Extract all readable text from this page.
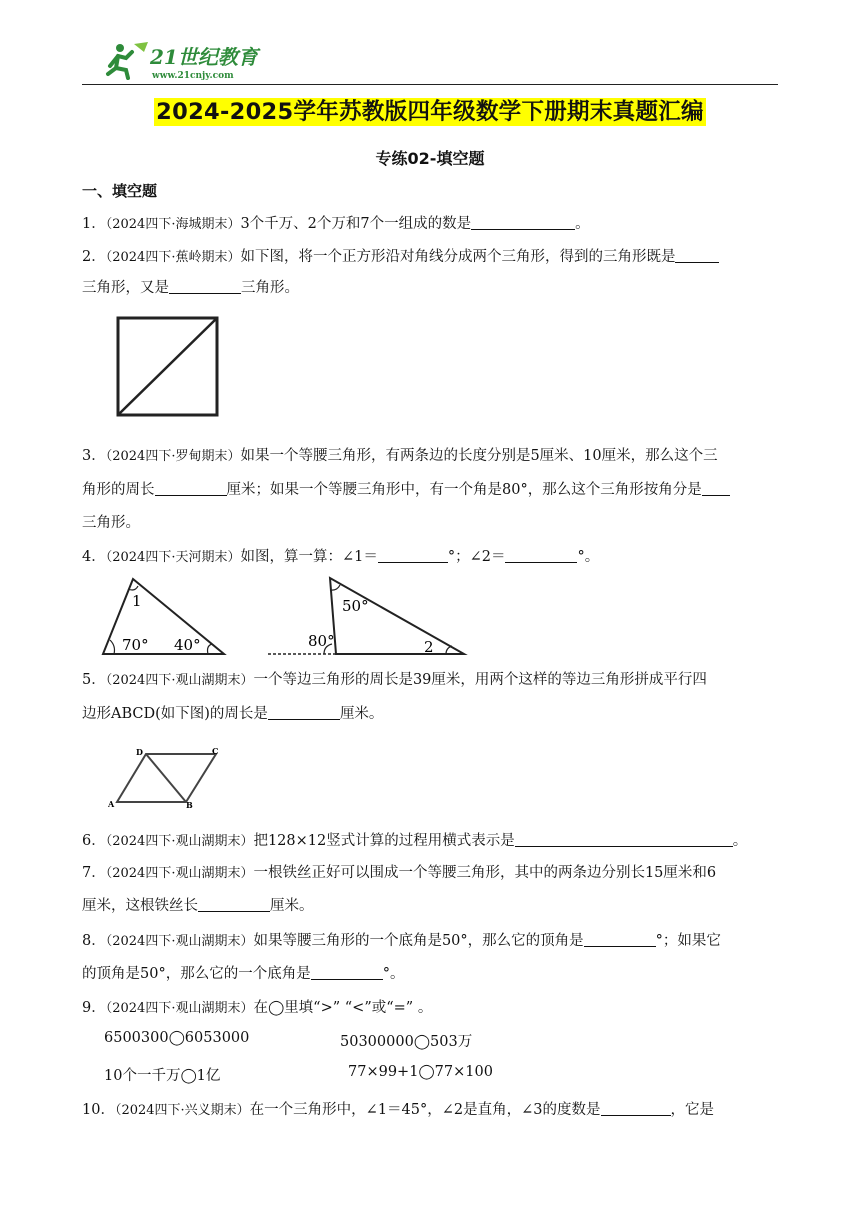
21世纪教育
www.21cnjy.com
2024-2025学年苏教版四年级数学下册期末真题汇编
专练02-填空题
一、填空题
1．（2024四下·海城期末）3个千万、2个万和7个一组成的数是	。
2．（2024四下·蕉岭期末）如下图，将一个正方形沿对角线分成两个三角形，得到的三角形既是
三角形，又是	三角形。
3．（2024四下·罗甸期末）如果一个等腰三角形，有两条边的长度分别是5厘米、10厘米，那么这个三
角形的周长	厘米；如果一个等腰三角形中，有一个角是80°，那么这个三角形按角分是
三角形。
4．（2024四下·天河期末）如图，算一算：∠1＝	°；∠2＝	°。
1
70° 40°
50°
80°	2
5．（2024四下·观山湖期末）一个等边三角形的周长是39厘米，用两个这样的等边三角形拼成平行四
边形ABCD(如下图)的周长是	厘米。
A	B
C
D
6．（2024四下·观山湖期末）把128×12竖式计算的过程用横式表示是	。
7．（2024四下·观山湖期末）一根铁丝正好可以围成一个等腰三角形，其中的两条边分别长15厘米和6
厘米，这根铁丝长	厘米。
8．（2024四下·观山湖期末）如果等腰三角形的一个底角是50°，那么它的顶角是	°；如果它
的顶角是50°，那么它的一个底角是	°。
9．（2024四下·观山湖期末）在◯里填“>” “<”或“=” 。
6500300◯6053000	50300000◯503万
10个一千万◯1亿	77×99+1◯77×100
10．（2024四下·兴义期末）在一个三角形中，∠1＝45°，∠2是直角，∠3的度数是	，它是
